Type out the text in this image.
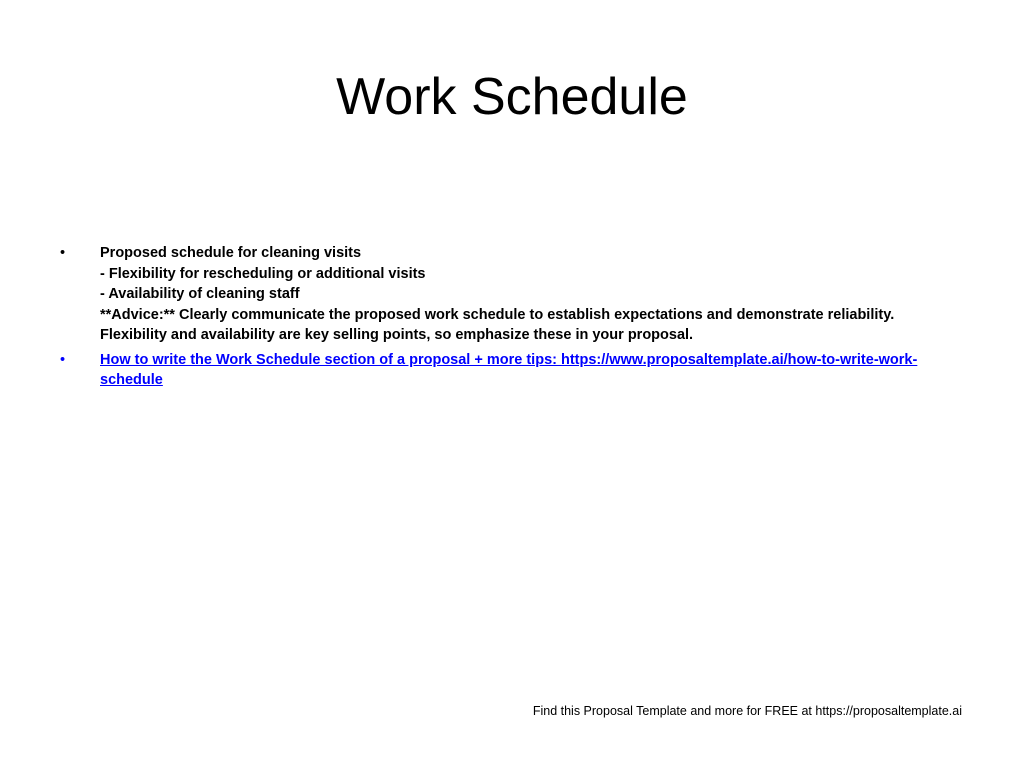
Work Schedule
•	Proposed schedule for cleaning visits
- Flexibility for rescheduling or additional visits
- Availability of cleaning staff
**Advice:** Clearly communicate the proposed work schedule to establish expectations and demonstrate reliability. Flexibility and availability are key selling points, so emphasize these in your proposal.
•	How to write the Work Schedule section of a proposal + more tips: https://www.proposaltemplate.ai/how-to-write-work-schedule
Find this Proposal Template and more for FREE at https://proposaltemplate.ai
